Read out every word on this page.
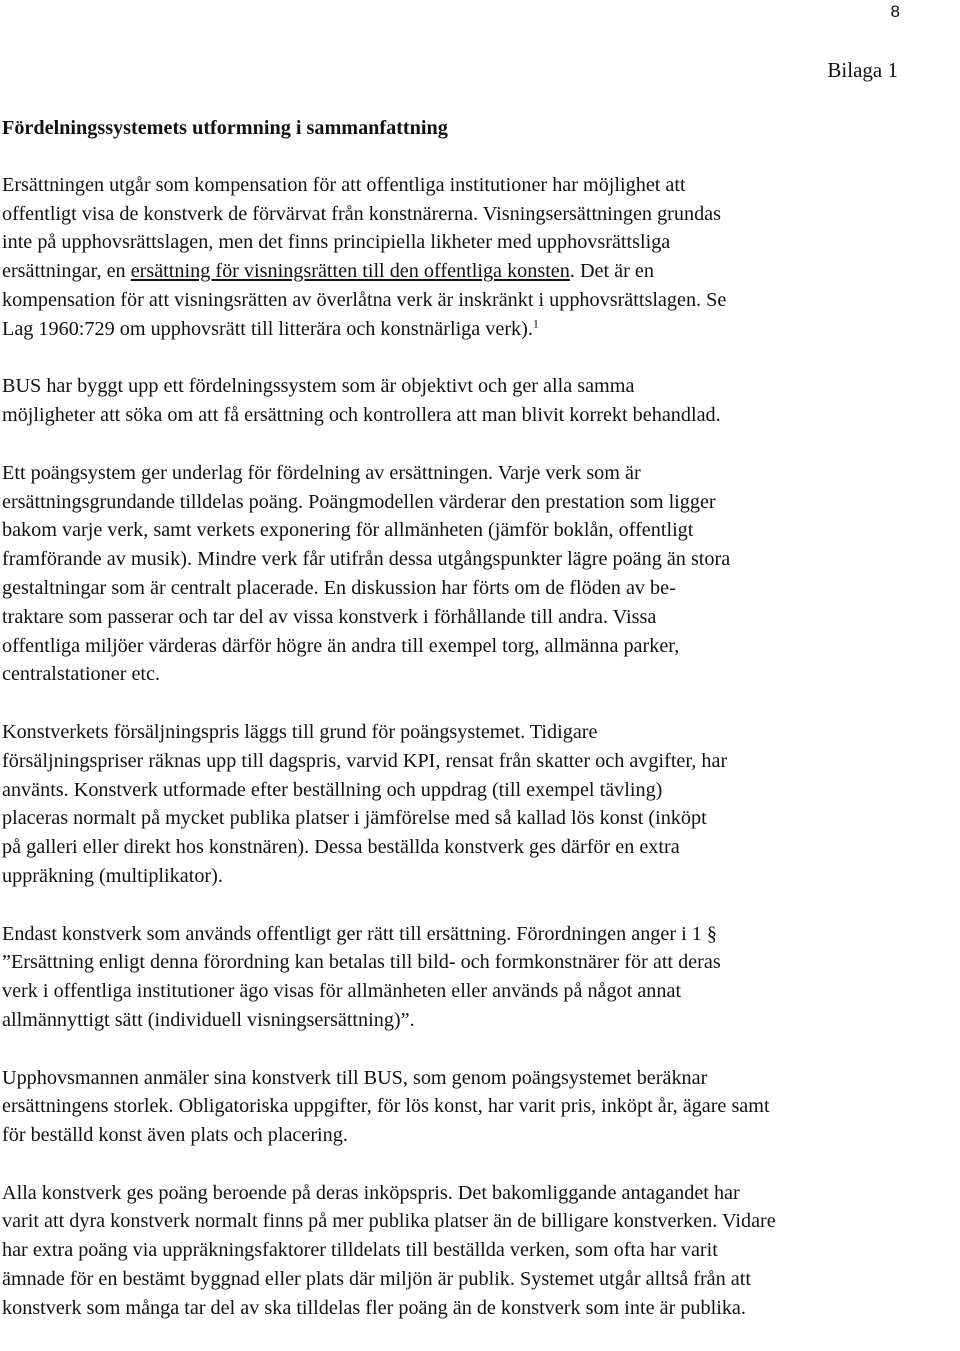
8
Bilaga 1
Fördelningssystemets utformning i sammanfattning

Ersättningen utgår som kompensation för att offentliga institutioner har möjlighet att
offentligt visa de konstverk de förvärvat från konstnärerna. Visningsersättningen grundas
inte på upphovsrättslagen, men det finns principiella likheter med upphovsrättsliga
ersättningar, en ersättning för visningsrätten till den offentliga konsten. Det är en
kompensation för att visningsrätten av överlåtna verk är inskränkt i upphovsrättslagen. Se
Lag 1960:729 om upphovsrätt till litterära och konstnärliga verk).$^1$

BUS har byggt upp ett fördelningssystem som är objektivt och ger alla samma
möjligheter att söka om att få ersättning och kontrollera att man blivit korrekt behandlad.

Ett poängsystem ger underlag för fördelning av ersättningen. Varje verk som är
ersättningsgrundande tilldelas poäng. Poängmodellen värderar den prestation som ligger
bakom varje verk, samt verkets exponering för allmänheten (jämför boklån, offentligt
framförande av musik). Mindre verk får utifrån dessa utgångspunkter lägre poäng än stora
gestaltningar som är centralt placerade. En diskussion har förts om de flöden av be-
traktare som passerar och tar del av vissa konstverk i förhållande till andra. Vissa
offentliga miljöer värderas därför högre än andra till exempel torg, allmänna parker,
centralstationer etc.

Konstverkets försäljningspris läggs till grund för poängsystemet. Tidigare
försäljningspriser räknas upp till dagspris, varvid KPI, rensat från skatter och avgifter, har
använts. Konstverk utformade efter beställning och uppdrag (till exempel tävling)
placeras normalt på mycket publika platser i jämförelse med så kallad lös konst (inköpt
på galleri eller direkt hos konstnären). Dessa beställda konstverk ges därför en extra
uppräkning (multiplikator).

Endast konstverk som används offentligt ger rätt till ersättning. Förordningen anger i 1 §
”Ersättning enligt denna förordning kan betalas till bild- och formkonstnärer för att deras
verk i offentliga institutioner ägo visas för allmänheten eller används på något annat
allmännyttigt sätt (individuell visningsersättning)”.

Upphovsmannen anmäler sina konstverk till BUS, som genom poängsystemet beräknar
ersättningens storlek. Obligatoriska uppgifter, för lös konst, har varit pris, inköpt år, ägare samt
för beställd konst även plats och placering.

Alla konstverk ges poäng beroende på deras inköpspris. Det bakomliggande antagandet har
varit att dyra konstverk normalt finns på mer publika platser än de billigare konstverken. Vidare
har extra poäng via uppräkningsfaktorer tilldelats till beställda verken, som ofta har varit
ämnade för en bestämt byggnad eller plats där miljön är publik. Systemet utgår alltså från att
konstverk som många tar del av ska tilldelas fler poäng än de konstverk som inte är publika.
